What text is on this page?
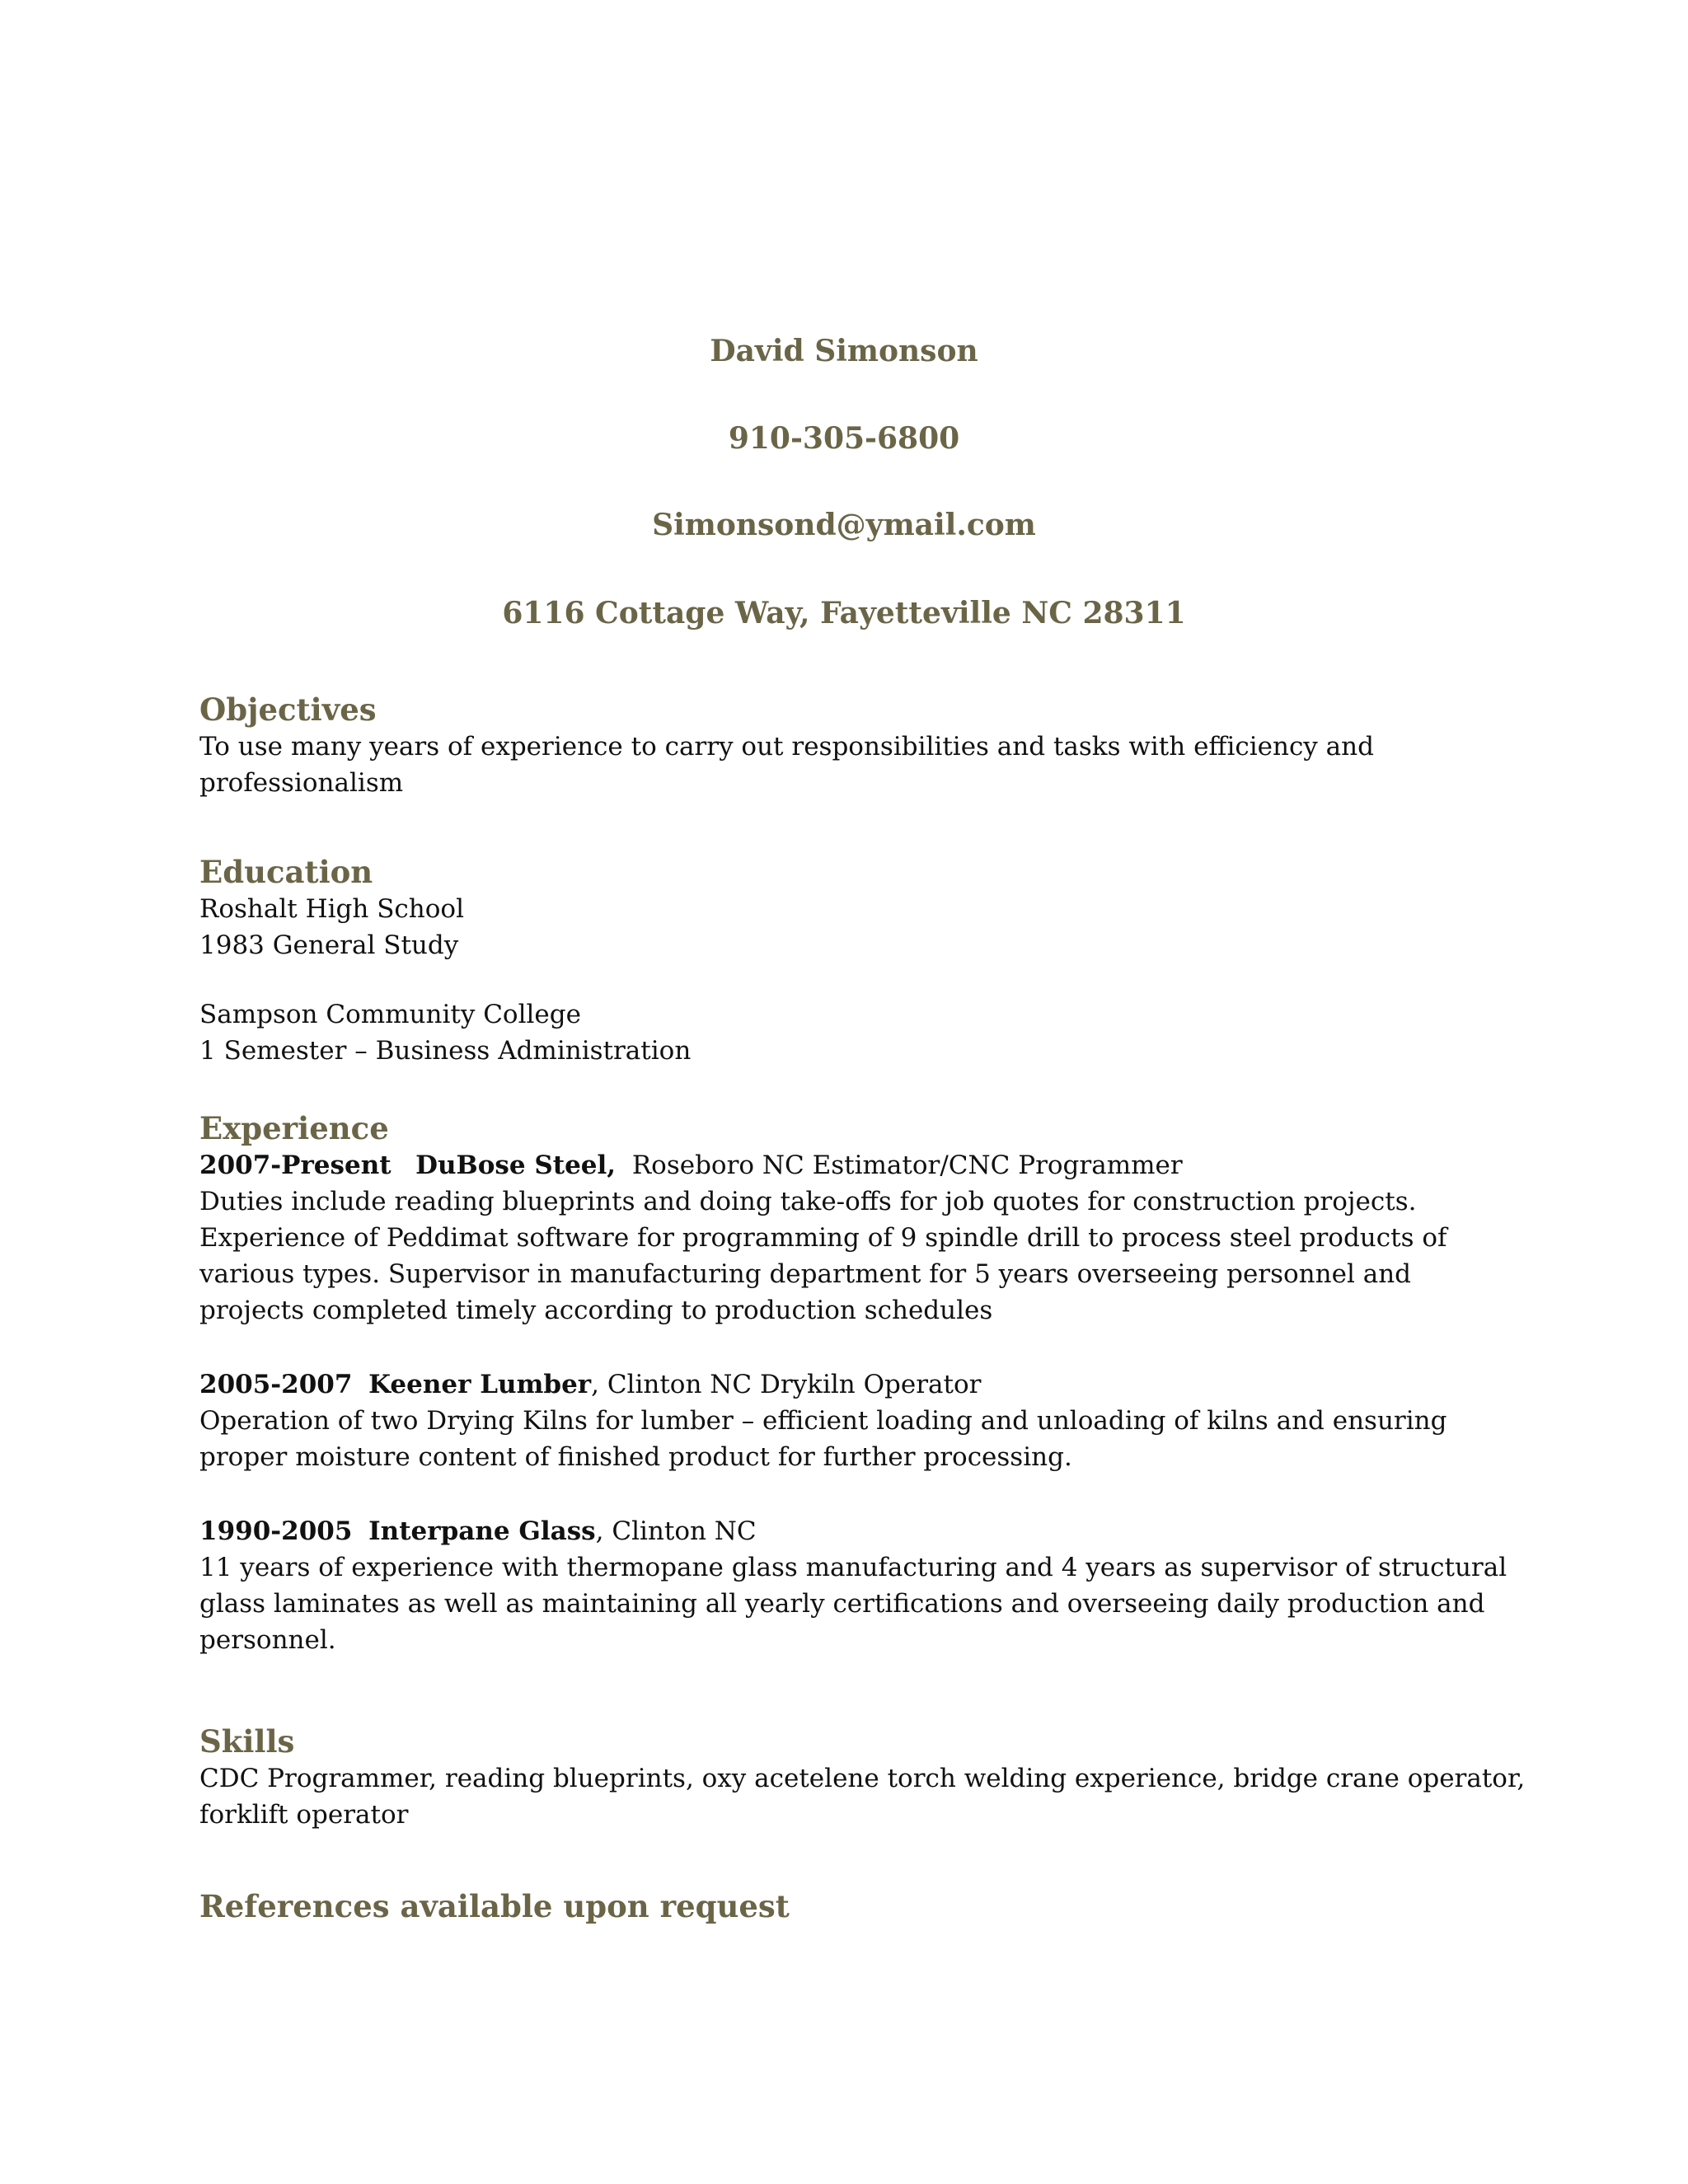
David Simonson
910-305-6800
Simonsond@ymail.com
6116 Cottage Way, Fayetteville NC 28311
Objectives
To use many years of experience to carry out responsibilities and tasks with efficiency and
professionalism
Education
Roshalt High School
1983 General Study
Sampson Community College
1 Semester – Business Administration
Experience
2007-Present DuBose Steel, Roseboro NC Estimator/CNC Programmer
Duties include reading blueprints and doing take-offs for job quotes for construction projects.
Experience of Peddimat software for programming of 9 spindle drill to process steel products of
various types. Supervisor in manufacturing department for 5 years overseeing personnel and
projects completed timely according to production schedules
2005-2007 Keener Lumber, Clinton NC Drykiln Operator
Operation of two Drying Kilns for lumber – efficient loading and unloading of kilns and ensuring
proper moisture content of finished product for further processing.
1990-2005 Interpane Glass, Clinton NC
11 years of experience with thermopane glass manufacturing and 4 years as supervisor of structural
glass laminates as well as maintaining all yearly certifications and overseeing daily production and
personnel.
Skills
CDC Programmer, reading blueprints, oxy acetelene torch welding experience, bridge crane operator,
forklift operator
References available upon request
